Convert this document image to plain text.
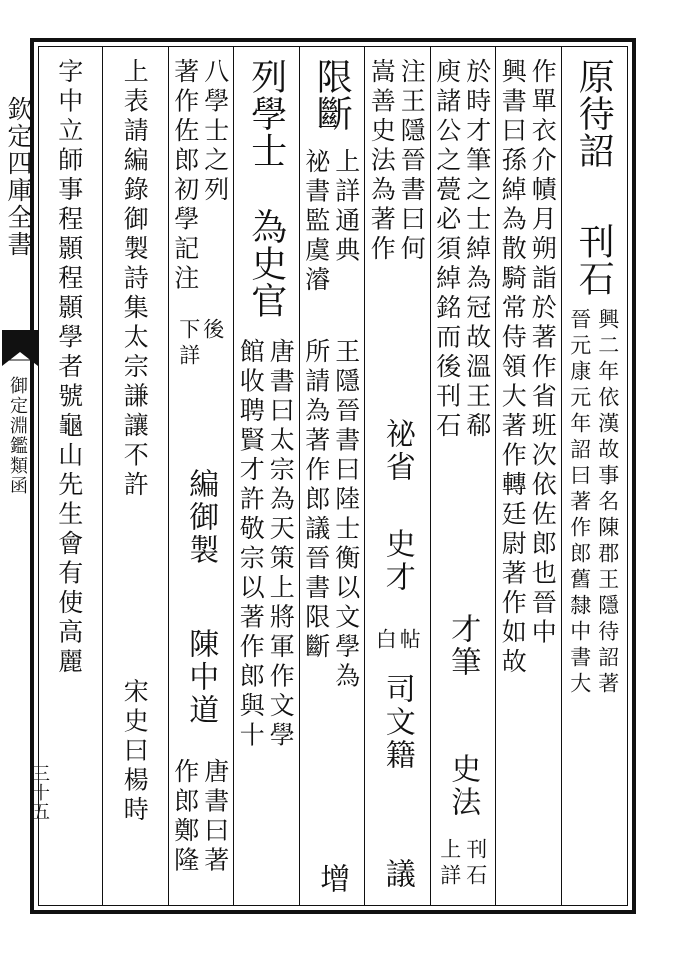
欽定四庫全書
御定淵鑑類函
三十五
原待詔
刊石
晉元康元年詔曰著作郎舊隸中書大 興二年依漢故事名陳郡王隱待詔著
作單衣介幘月朔詣於著作省班次依佐郎也晉中
興書曰孫綽為散騎常侍領大著作轉廷尉著作如故
於時才筆之士綽為冠故溫王郗
庾諸公之甍必須綽銘而後刊石
才筆
史法
上詳 刊石
注王隱晉書曰何
嵩善史法為著作
祕省
史才
白 帖
司文籍
議
限斷
上詳通典
祕書監虞濬
王隱晉書曰陸士衡以文學為
所請為著作郎議晉書限斷
增
列學士
為史官
唐書曰太宗為天策上將軍作文學
館收聘賢才許敬宗以著作郎與十
八學士之列
著作佐郎初學記注
下詳 後
編御製
陳中道
唐書曰著
作郎鄭隆
上表請編錄御製詩集太宗謙讓不許
宋史曰楊時
字中立師事程顥程顥學者號龜山先生會有使高麗
